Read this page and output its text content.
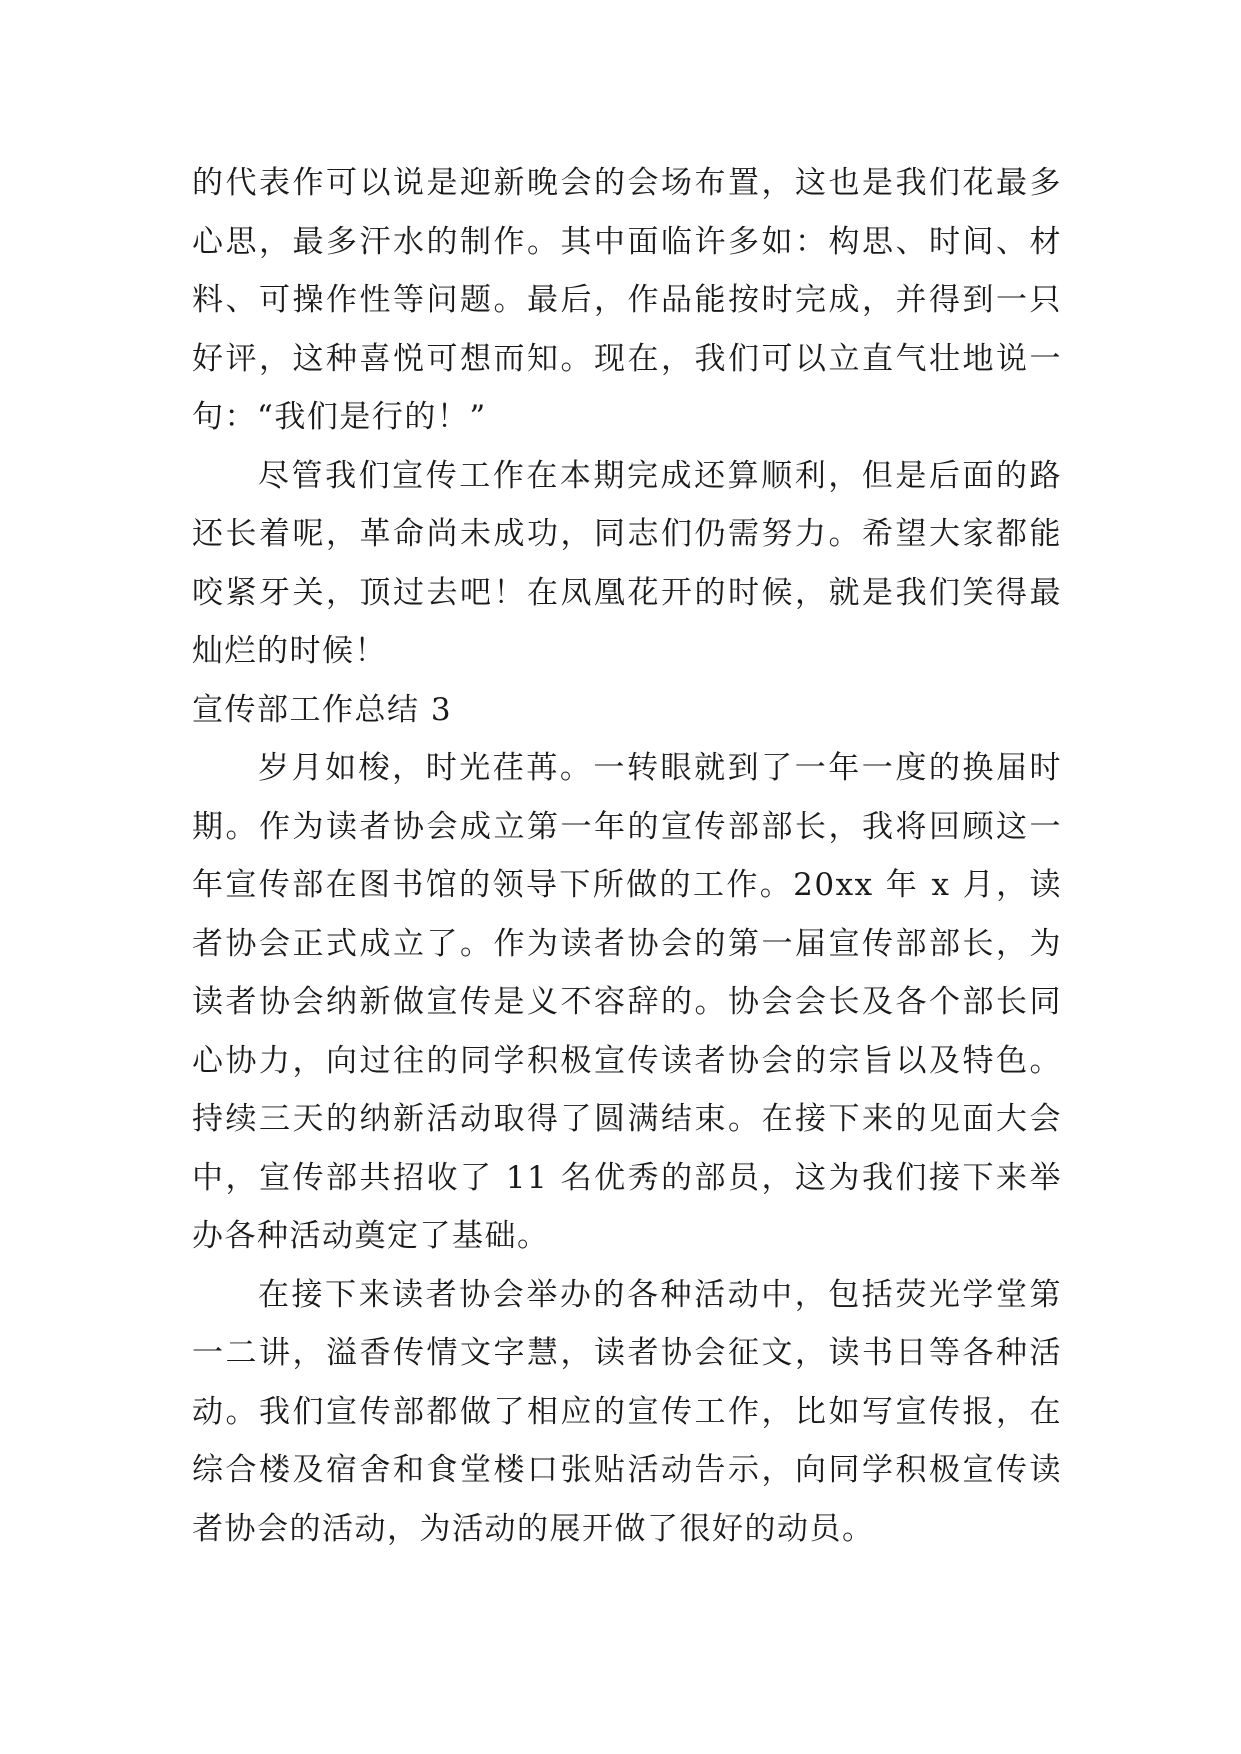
的代表作可以说是迎新晚会的会场布置，这也是我们花最多心思，最多汗水的制作。其中面临许多如：构思、时间、材料、可操作性等问题。最后，作品能按时完成，并得到一只好评，这种喜悦可想而知。现在，我们可以立直气壮地说一句：“我们是行的！”

尽管我们宣传工作在本期完成还算顺利，但是后面的路还长着呢，革命尚未成功，同志们仍需努力。希望大家都能咬紧牙关，顶过去吧！在凤凰花开的时候，就是我们笑得最灿烂的时候！

宣传部工作总结 3

岁月如梭，时光荏苒。一转眼就到了一年一度的换届时期。作为读者协会成立第一年的宣传部部长，我将回顾这一年宣传部在图书馆的领导下所做的工作。20xx 年 x 月，读者协会正式成立了。作为读者协会的第一届宣传部部长，为读者协会纳新做宣传是义不容辞的。协会会长及各个部长同心协力，向过往的同学积极宣传读者协会的宗旨以及特色。持续三天的纳新活动取得了圆满结束。在接下来的见面大会中，宣传部共招收了 11 名优秀的部员，这为我们接下来举办各种活动奠定了基础。

在接下来读者协会举办的各种活动中，包括荧光学堂第一二讲，溢香传情文字慧，读者协会征文，读书日等各种活动。我们宣传部都做了相应的宣传工作，比如写宣传报，在综合楼及宿舍和食堂楼口张贴活动告示，向同学积极宣传读者协会的活动，为活动的展开做了很好的动员。
